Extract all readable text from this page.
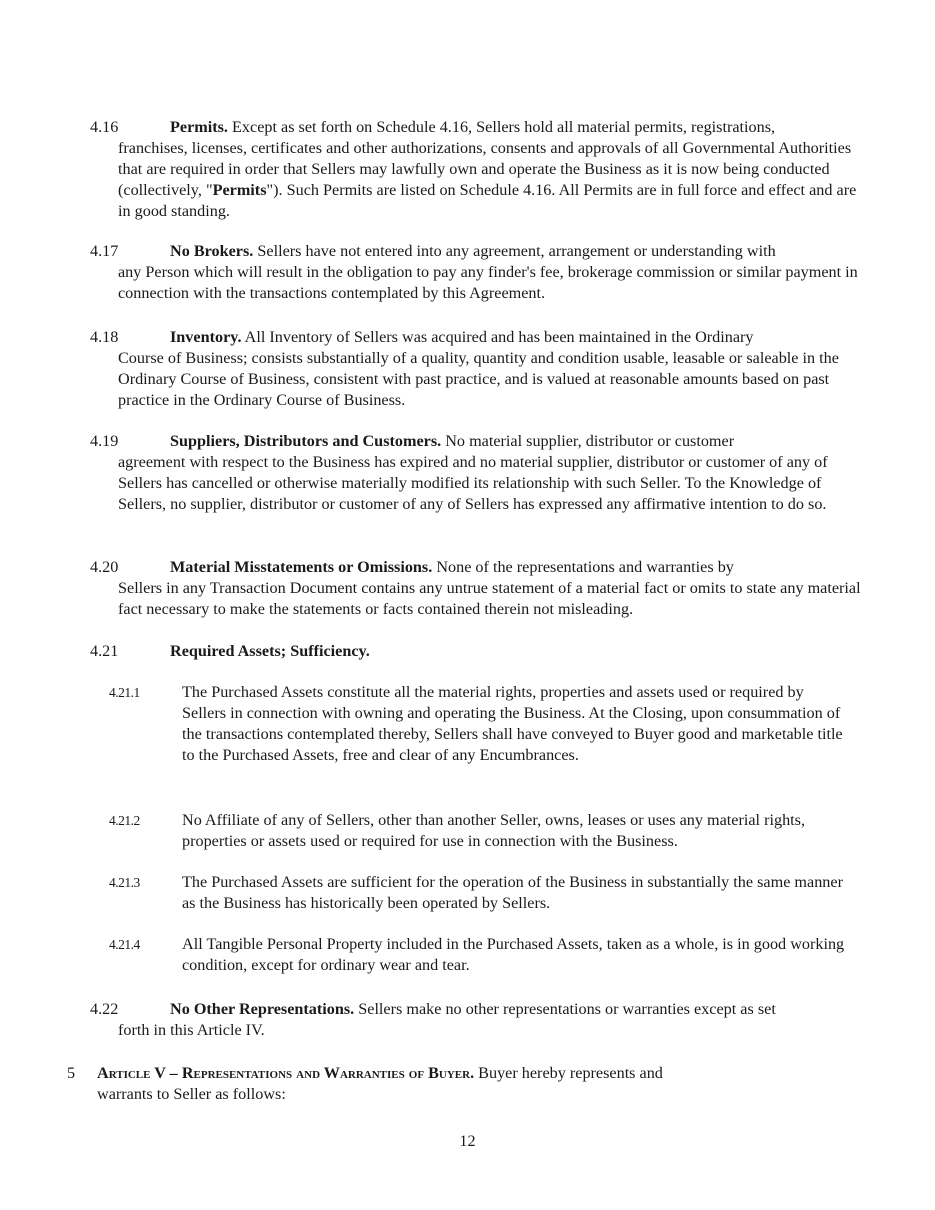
4.16	Permits. Except as set forth on Schedule 4.16, Sellers hold all material permits, registrations,
franchises, licenses, certificates and other authorizations, consents and approvals of all Governmental Authorities that are required in order that Sellers may lawfully own and operate the Business as it is now being conducted (collectively, "Permits"). Such Permits are listed on Schedule 4.16. All Permits are in full force and effect and are in good standing.
4.17	No Brokers. Sellers have not entered into any agreement, arrangement or understanding with
any Person which will result in the obligation to pay any finder's fee, brokerage commission or similar payment in connection with the transactions contemplated by this Agreement.
4.18	Inventory. All Inventory of Sellers was acquired and has been maintained in the Ordinary
Course of Business; consists substantially of a quality, quantity and condition usable, leasable or saleable in the Ordinary Course of Business, consistent with past practice, and is valued at reasonable amounts based on past practice in the Ordinary Course of Business.
4.19	Suppliers, Distributors and Customers. No material supplier, distributor or customer
agreement with respect to the Business has expired and no material supplier, distributor or customer of any of Sellers has cancelled or otherwise materially modified its relationship with such Seller. To the Knowledge of Sellers, no supplier, distributor or customer of any of Sellers has expressed any affirmative intention to do so.
4.20	Material Misstatements or Omissions. None of the representations and warranties by
Sellers in any Transaction Document contains any untrue statement of a material fact or omits to state any material fact necessary to make the statements or facts contained therein not misleading.
4.21	Required Assets; Sufficiency.
4.21.1	The Purchased Assets constitute all the material rights, properties and assets used or required by Sellers in connection with owning and operating the Business. At the Closing, upon consummation of the transactions contemplated thereby, Sellers shall have conveyed to Buyer good and marketable title to the Purchased Assets, free and clear of any Encumbrances.
4.21.2	No Affiliate of any of Sellers, other than another Seller, owns, leases or uses any material rights, properties or assets used or required for use in connection with the Business.
4.21.3	The Purchased Assets are sufficient for the operation of the Business in substantially the same manner as the Business has historically been operated by Sellers.
4.21.4	All Tangible Personal Property included in the Purchased Assets, taken as a whole, is in good working condition, except for ordinary wear and tear.
4.22	No Other Representations. Sellers make no other representations or warranties except as set
forth in this Article IV.
5 Article V – Representations and Warranties of Buyer. Buyer hereby represents and
warrants to Seller as follows:
12
